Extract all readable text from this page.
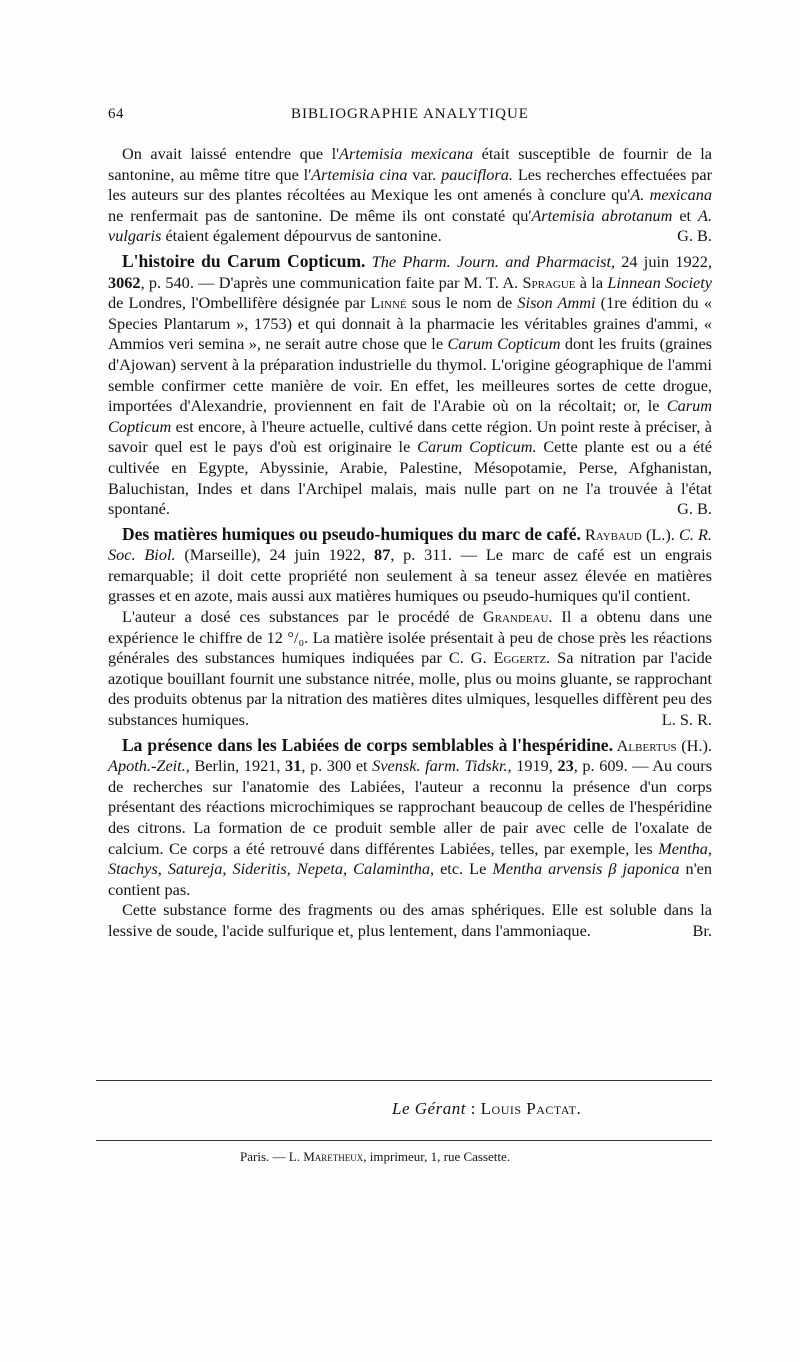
64	BIBLIOGRAPHIE ANALYTIQUE

On avait laissé entendre que l'Artemisia mexicana était susceptible de fournir de la santonine, au même titre que l'Artemisia cina var. pauciflora. Les recherches effectuées par les auteurs sur des plantes récoltées au Mexique les ont amenés à conclure qu'A. mexicana ne renfermait pas de santonine. De même ils ont constaté qu'Artemisia abrotanum et A. vulgaris étaient également dépourvus de santonine.	G. B.

L'histoire du Carum Copticum. The Pharm. Journ. and Pharmacist, 24 juin 1922, 3062, p. 540. — D'après une communication faite par M. T. A. Sprague à la Linnean Society de Londres, l'Ombellifère désignée par Linné sous le nom de Sison Ammi (1re édition du « Species Plantarum », 1753) et qui donnait à la pharmacie les véritables graines d'ammi, « Ammios veri semina », ne serait autre chose que le Carum Copticum dont les fruits (graines d'Ajowan) servent à la préparation industrielle du thymol. L'origine géographique de l'ammi semble confirmer cette manière de voir. En effet, les meilleures sortes de cette drogue, importées d'Alexandrie, proviennent en fait de l'Arabie où on la récoltait; or, le Carum Copticum est encore, à l'heure actuelle, cultivé dans cette région. Un point reste à préciser, à savoir quel est le pays d'où est originaire le Carum Copticum. Cette plante est ou a été cultivée en Egypte, Abyssinie, Arabie, Palestine, Mésopotamie, Perse, Afghanistan, Baluchistan, Indes et dans l'Archipel malais, mais nulle part on ne l'a trouvée à l'état spontané.	G. B.

Des matières humiques ou pseudo-humiques du marc de café. Raybaud (L.). C. R. Soc. Biol. (Marseille), 24 juin 1922, 87, p. 311. — Le marc de café est un engrais remarquable; il doit cette propriété non seulement à sa teneur assez élevée en matières grasses et en azote, mais aussi aux matières humiques ou pseudo-humiques qu'il contient.

L'auteur a dosé ces substances par le procédé de Grandeau. Il a obtenu dans une expérience le chiffre de 12 °/₀. La matière isolée présentait à peu de chose près les réactions générales des substances humiques indiquées par C. G. Eggertz. Sa nitration par l'acide azotique bouillant fournit une substance nitrée, molle, plus ou moins gluante, se rapprochant des produits obtenus par la nitration des matières dites ulmiques, lesquelles diffèrent peu des substances humiques.	L. S. R.

La présence dans les Labiées de corps semblables à l'hespéridine. Albertus (H.). Apoth.-Zeit., Berlin, 1921, 31, p. 300 et Svensk. farm. Tidskr., 1919, 23, p. 609. — Au cours de recherches sur l'anatomie des Labiées, l'auteur a reconnu la présence d'un corps présentant des réactions microchimiques se rapprochant beaucoup de celles de l'hespéridine des citrons. La formation de ce produit semble aller de pair avec celle de l'oxalate de calcium. Ce corps a été retrouvé dans différentes Labiées, telles, par exemple, les Mentha, Stachys, Satureja, Sideritis, Nepeta, Calamintha, etc. Le Mentha arvensis β japonica n'en contient pas.

Cette substance forme des fragments ou des amas sphériques. Elle est soluble dans la lessive de soude, l'acide sulfurique et, plus lentement, dans l'ammoniaque.	Br.

Le Gérant : Louis Pactat.
Paris. — L. Maretheux, imprimeur, 1, rue Cassette.
